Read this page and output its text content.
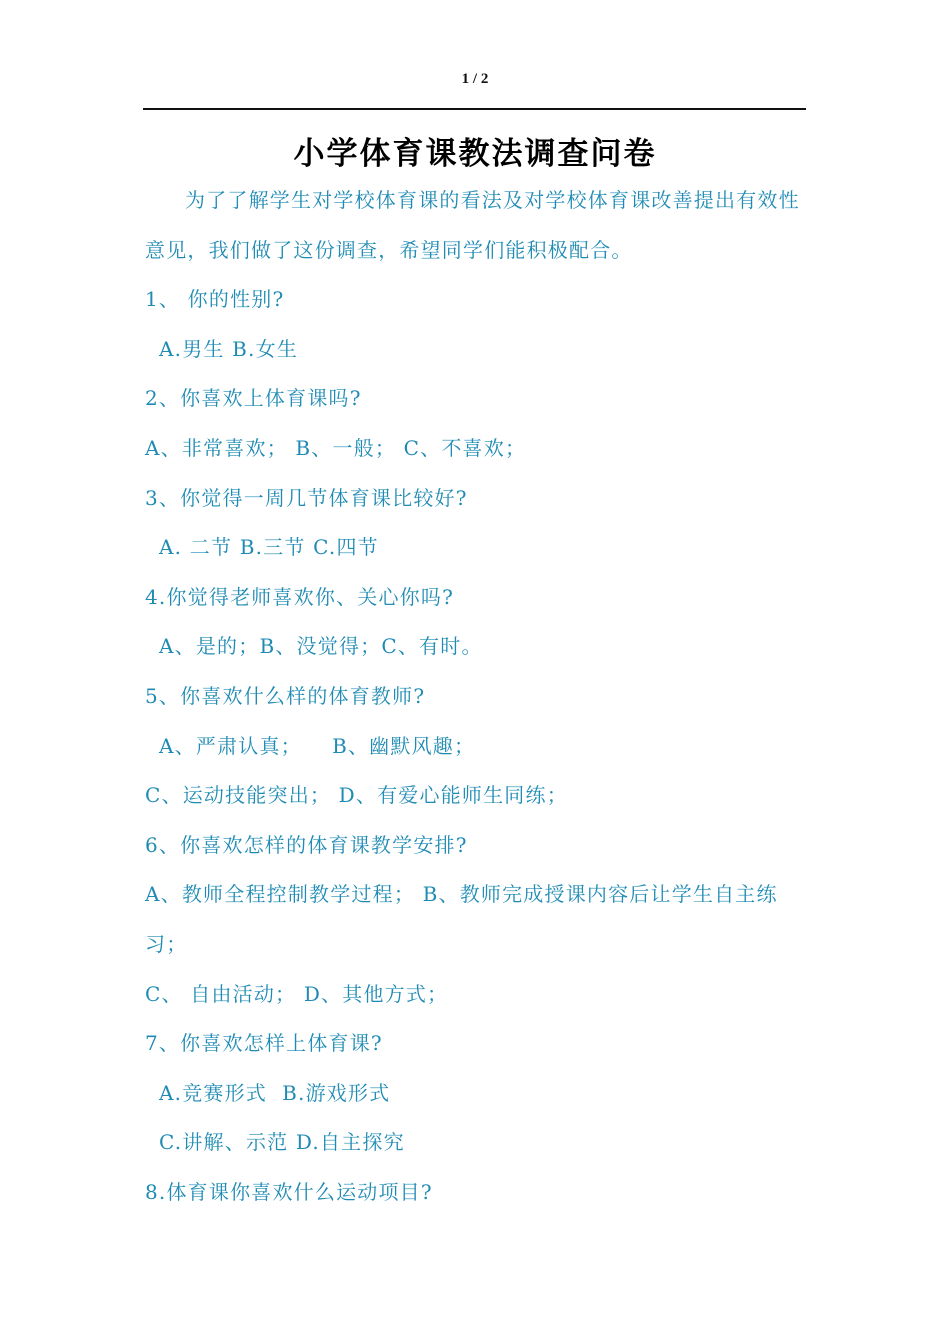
1 / 2
小学体育课教法调查问卷
为了了解学生对学校体育课的看法及对学校体育课改善提出有效性意见，我们做了这份调查，希望同学们能积极配合。
1、 你的性别?
A.男生 B.女生
2、你喜欢上体育课吗?
A、非常喜欢； B、一般； C、不喜欢；
3、你觉得一周几节体育课比较好?
A. 二节 B.三节 C.四节
4.你觉得老师喜欢你、关心你吗?
A、是的；B、没觉得；C、有时。
5、你喜欢什么样的体育教师?
A、严肃认真；    B、幽默风趣；
C、运动技能突出； D、有爱心能师生同练；
6、你喜欢怎样的体育课教学安排?
A、教师全程控制教学过程； B、教师完成授课内容后让学生自主练
习；
C、 自由活动； D、其他方式；
7、你喜欢怎样上体育课?
A.竞赛形式  B.游戏形式
C.讲解、示范 D.自主探究
8.体育课你喜欢什么运动项目?
